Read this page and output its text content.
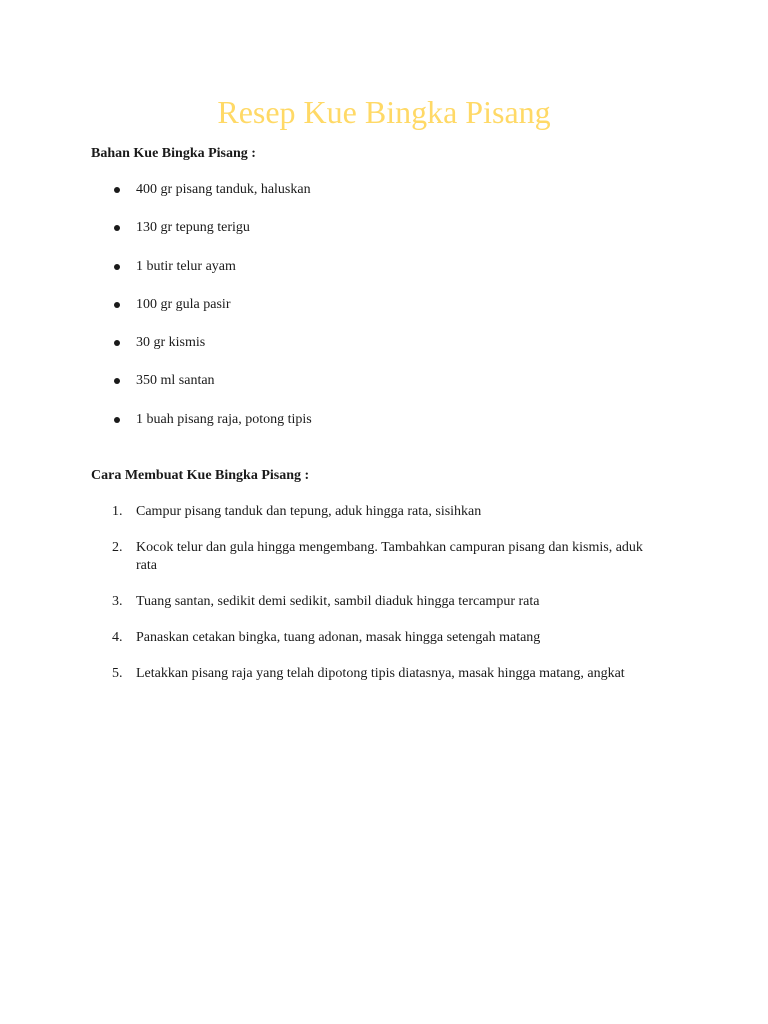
Resep Kue Bingka Pisang

Bahan Kue Bingka Pisang :

400 gr pisang tanduk, haluskan
130 gr tepung terigu
1 butir telur ayam
100 gr gula pasir
30 gr kismis
350 ml santan
1 buah pisang raja, potong tipis

Cara Membuat Kue Bingka Pisang :

1. Campur pisang tanduk dan tepung, aduk hingga rata, sisihkan
2. Kocok telur dan gula hingga mengembang. Tambahkan campuran pisang dan kismis, aduk rata
3. Tuang santan, sedikit demi sedikit, sambil diaduk hingga tercampur rata
4. Panaskan cetakan bingka, tuang adonan, masak hingga setengah matang
5. Letakkan pisang raja yang telah dipotong tipis diatasnya, masak hingga matang, angkat
